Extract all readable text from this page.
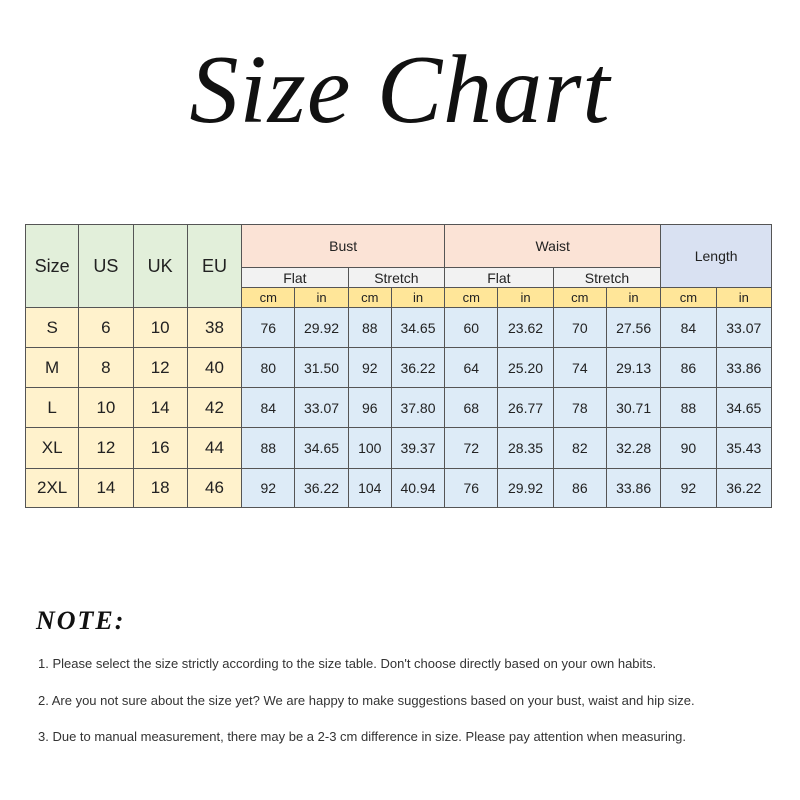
Size Chart
Size	US	UK	EU	Bust				Waist				Length	
				Flat		Stretch		Flat		Stretch			
				cm	in	cm	in	cm	in	cm	in	cm	in
S	6	10	38	76	29.92	88	34.65	60	23.62	70	27.56	84	33.07
M	8	12	40	80	31.50	92	36.22	64	25.20	74	29.13	86	33.86
L	10	14	42	84	33.07	96	37.80	68	26.77	78	30.71	88	34.65
XL	12	16	44	88	34.65	100	39.37	72	28.35	82	32.28	90	35.43
2XL	14	18	46	92	36.22	104	40.94	76	29.92	86	33.86	92	36.22
NOTE:
1. Please select the size strictly according to the size table. Don't choose directly based on your own habits.
2. Are you not sure about the size yet? We are happy to make suggestions based on your bust, waist and hip size.
3. Due to manual measurement, there may be a 2-3 cm difference in size. Please pay attention when measuring.
